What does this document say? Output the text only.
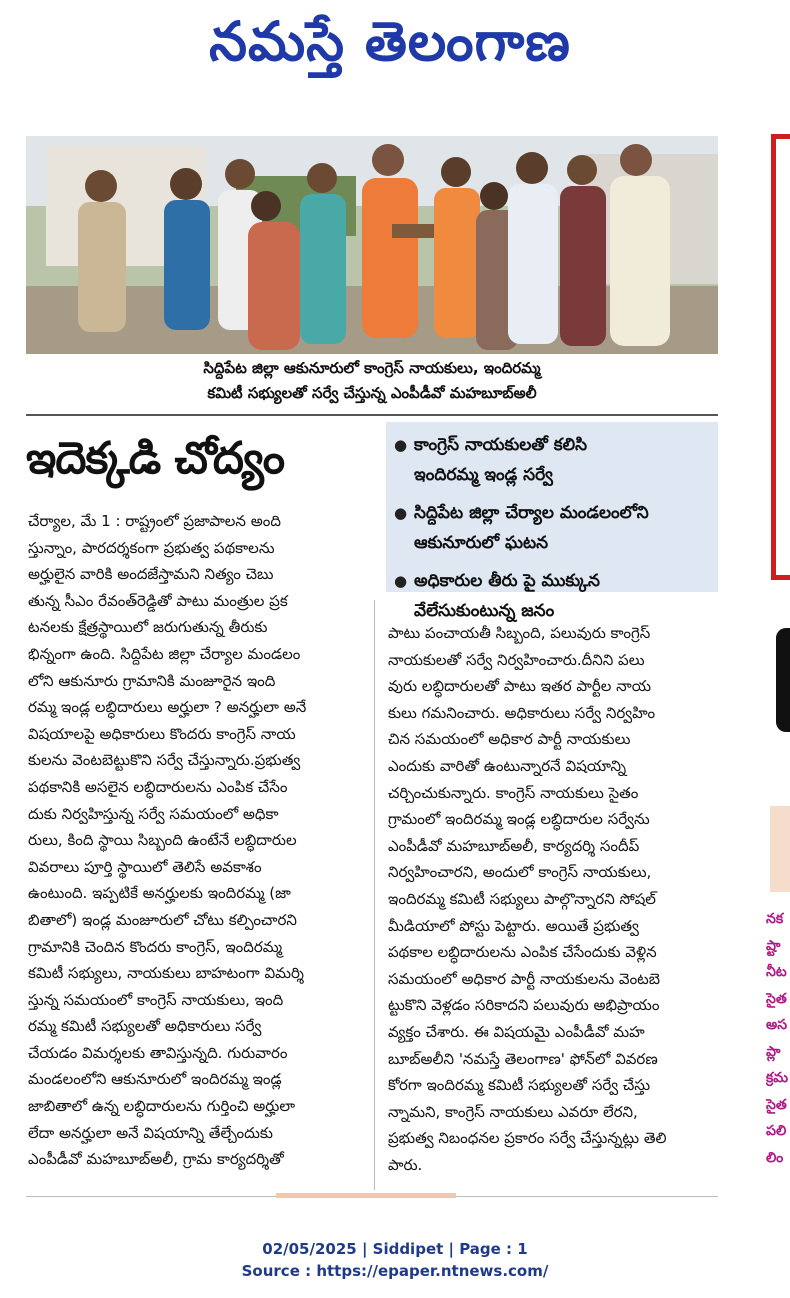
నమస్తే తెలంగాణ
సిద్దిపేట జిల్లా ఆకునూరులో కాంగ్రెస్ నాయకులు, ఇందిరమ్మ
కమిటీ సభ్యులతో సర్వే చేస్తున్న ఎంపీడీవో మహబూబ్‌అలీ
ఇదెక్కడి చోద్యం	● కాంగ్రెస్ నాయకులతో కలిసి
ఇందిరమ్మ ఇండ్ల సర్వే
● సిద్దిపేట జిల్లా చేర్యాల మండలంలోని
ఆకునూరులో ఘటన
● అధికారుల తీరు పై ముక్కున
వేలేసుకుంటున్న జనం
చేర్యాల, మే 1 : రాష్ట్రంలో ప్రజాపాలన అంది
స్తున్నాం, పారదర్శకంగా ప్రభుత్వ పథకాలను
అర్హులైన వారికి అందజేస్తామని నిత్యం చెబు
తున్న సీఎం రేవంత్‌రెడ్డితో పాటు మంత్రుల ప్రక
టనలకు క్షేత్రస్థాయిలో జరుగుతున్న తీరుకు
భిన్నంగా ఉంది. సిద్దిపేట జిల్లా చేర్యాల మండలం
లోని ఆకునూరు గ్రామానికి మంజూరైన ఇంది
రమ్మ ఇండ్ల లబ్ధిదారులు అర్హులా ? అనర్హులా అనే
విషయాలపై అధికారులు కొందరు కాంగ్రెస్ నాయ
కులను వెంటబెట్టుకొని సర్వే చేస్తున్నారు.ప్రభుత్వ
పథకానికి అసలైన లబ్ధిదారులను ఎంపిక చేసేం
దుకు నిర్వహిస్తున్న సర్వే సమయంలో అధికా
రులు, కింది స్థాయి సిబ్బంది ఉంటేనే లబ్ధిదారుల
వివరాలు పూర్తి స్థాయిలో తెలిసే అవకాశం
ఉంటుంది. ఇప్పటికే అనర్హులకు ఇందిరమ్మ (జా
బితాలో) ఇండ్ల మంజూరులో చోటు కల్పించారని
గ్రామానికి చెందిన కొందరు కాంగ్రెస్, ఇందిరమ్మ
కమిటీ సభ్యులు, నాయకులు బాహటంగా విమర్శి
స్తున్న సమయంలో కాంగ్రెస్ నాయకులు, ఇంది
రమ్మ కమిటీ సభ్యులతో అధికారులు సర్వే
చేయడం విమర్శలకు తావిస్తున్నది. గురువారం
మండలంలోని ఆకునూరులో ఇందిరమ్మ ఇండ్ల
జాబితాలో ఉన్న లబ్ధిదారులను గుర్తించి అర్హులా
లేదా అనర్హులా అనే విషయాన్ని తేల్చేందుకు
ఎంపీడీవో మహబూబ్అలీ, గ్రామ కార్యదర్శితో
పాటు పంచాయతీ సిబ్బంది, పలువురు కాంగ్రెస్
నాయకులతో సర్వే నిర్వహించారు.దీనిని పలు
వురు లబ్ధిదారులతో పాటు ఇతర పార్టీల నాయ
కులు గమనించారు. అధికారులు సర్వే నిర్వహిం
చిన సమయంలో అధికార పార్టీ నాయకులు
ఎందుకు వారితో ఉంటున్నారనే విషయాన్ని
చర్చించుకున్నారు. కాంగ్రెస్ నాయకులు సైతం
గ్రామంలో ఇందిరమ్మ ఇండ్ల లబ్ధిదారుల సర్వేను
ఎంపీడీవో మహబూబ్‌అలీ, కార్యదర్శి సందీప్
నిర్వహించారని, అందులో కాంగ్రెస్ నాయకులు,
ఇందిరమ్మ కమిటీ సభ్యులు పాల్గొన్నారని సోషల్
మీడియాలో పోస్టు పెట్టారు. అయితే ప్రభుత్వ
పథకాల లబ్ధిదారులను ఎంపిక చేసేందుకు వెళ్లిన
సమయంలో అధికార పార్టీ నాయకులను వెంటబె
ట్టుకొని వెళ్లడం సరికాదని పలువురు అభిప్రాయం
వ్యక్తం చేశారు. ఈ విషయమై ఎంపీడీవో మహ
బూబ్‌అలీని 'నమస్తే తెలంగాణ' ఫోన్‌లో వివరణ
కోరగా ఇందిరమ్మ కమిటీ సభ్యులతో సర్వే చేస్తు
న్నామని, కాంగ్రెస్ నాయకులు ఎవరూ లేరని,
ప్రభుత్వ నిబంధనల ప్రకారం సర్వే చేస్తున్నట్లు తెలి
పారు.
నక
ష్టా
నీట
సైత
అస
ప్లా
క్రమ
సైత
పలి
లిం
02/05/2025 | Siddipet | Page : 1
Source : https://epaper.ntnews.com/
